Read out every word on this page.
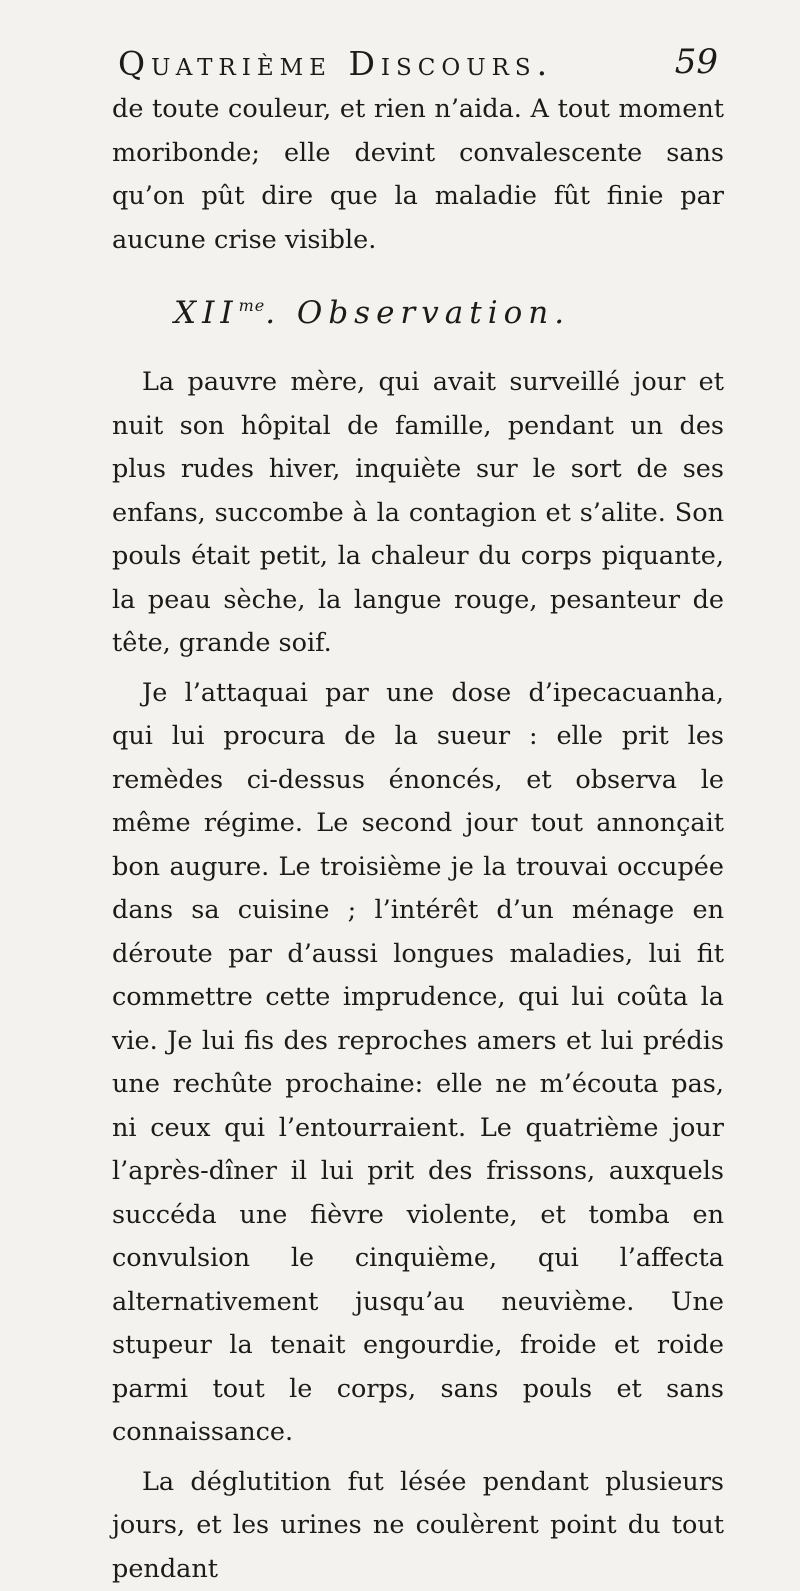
Quatrième Discours.	59

de toute couleur, et rien n’aida. A tout moment moribonde; elle devint convalescente sans qu’on pût dire que la maladie fût finie par aucune crise visible.

$XII^{me}$. Observation.

La pauvre mère, qui avait surveillé jour et nuit son hôpital de famille, pendant un des plus rudes hiver, inquiète sur le sort de ses enfans, succombe à la contagion et s’alite. Son pouls était petit, la chaleur du corps piquante, la peau sèche, la langue rouge, pesanteur de tête, grande soif.

Je l’attaquai par une dose d’ipecacuanha, qui lui procura de la sueur : elle prit les remèdes ci-dessus énoncés, et observa le même régime. Le second jour tout annonçait bon augure. Le troisième je la trouvai occupée dans sa cuisine ; l’intérêt d’un ménage en déroute par d’aussi longues maladies, lui fit commettre cette imprudence, qui lui coûta la vie. Je lui fis des reproches amers et lui prédis une rechûte prochaine: elle ne m’écouta pas, ni ceux qui l’entourraient. Le quatrième jour l’après-dîner il lui prit des frissons, auxquels succéda une fièvre violente, et tomba en convulsion le cinquième, qui l’affecta alternativement jusqu’au neuvième. Une stupeur la tenait engourdie, froide et roide parmi tout le corps, sans pouls et sans connaissance.

La déglutition fut lésée pendant plusieurs jours, et les urines ne coulèrent point du tout pendant
